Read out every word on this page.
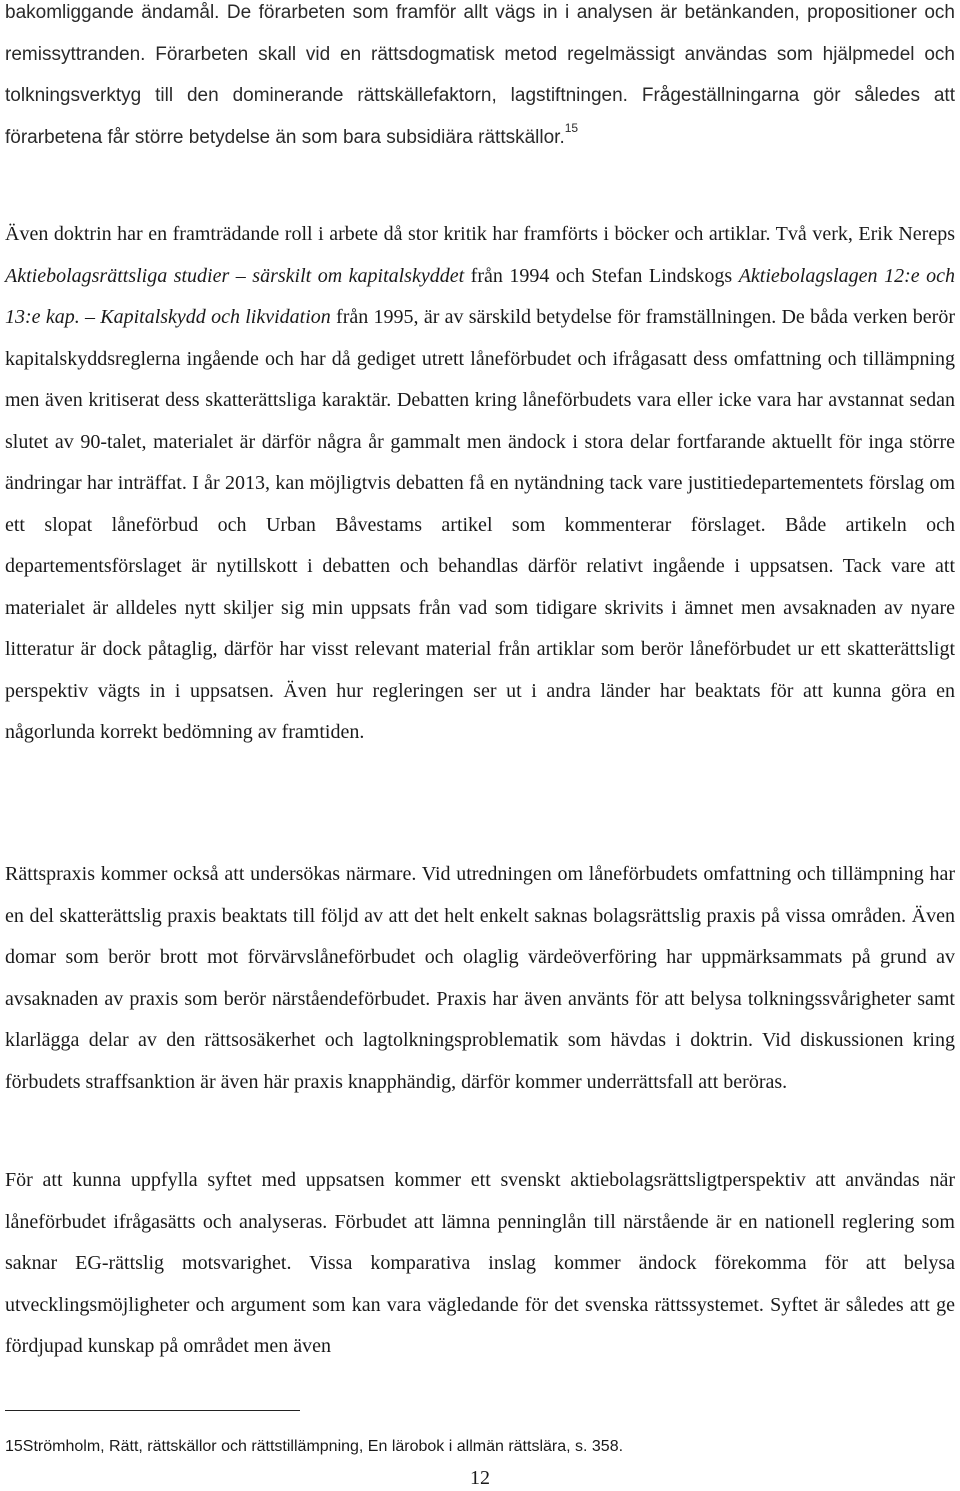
bakomliggande ändamål. De förarbeten som framför allt vägs in i analysen är betänkanden, propositioner och remissyttranden. Förarbeten skall vid en rättsdogmatisk metod regelmässigt användas som hjälpmedel och tolkningsverktyg till den dominerande rättskällefaktorn, lagstiftningen. Frågeställningarna gör således att förarbetena får större betydelse än som bara subsidiära rättskällor.$^{15}$

Även doktrin har en framträdande roll i arbete då stor kritik har framförts i böcker och artiklar. Två verk, Erik Nereps Aktiebolagsrättsliga studier – särskilt om kapitalskyddet från 1994 och Stefan Lindskogs Aktiebolagslagen 12:e och 13:e kap. – Kapitalskydd och likvidation från 1995, är av särskild betydelse för framställningen. De båda verken berör kapitalskyddsreglerna ingående och har då gediget utrett låneförbudet och ifrågasatt dess omfattning och tillämpning men även kritiserat dess skatterättsliga karaktär. Debatten kring låneförbudets vara eller icke vara har avstannat sedan slutet av 90-talet, materialet är därför några år gammalt men ändock i stora delar fortfarande aktuellt för inga större ändringar har inträffat. I år 2013, kan möjligtvis debatten få en nytändning tack vare justitiedepartementets förslag om ett slopat låneförbud och Urban Båvestams artikel som kommenterar förslaget. Både artikeln och departementsförslaget är nytillskott i debatten och behandlas därför relativt ingående i uppsatsen. Tack vare att materialet är alldeles nytt skiljer sig min uppsats från vad som tidigare skrivits i ämnet men avsaknaden av nyare litteratur är dock påtaglig, därför har visst relevant material från artiklar som berör låneförbudet ur ett skatterättsligt perspektiv vägts in i uppsatsen. Även hur regleringen ser ut i andra länder har beaktats för att kunna göra en någorlunda korrekt bedömning av framtiden.

Rättspraxis kommer också att undersökas närmare. Vid utredningen om låneförbudets omfattning och tillämpning har en del skatterättslig praxis beaktats till följd av att det helt enkelt saknas bolagsrättslig praxis på vissa områden. Även domar som berör brott mot förvärvslåneförbudet och olaglig värdeöverföring har uppmärksammats på grund av avsaknaden av praxis som berör närståendeförbudet. Praxis har även använts för att belysa tolkningssvårigheter samt klarlägga delar av den rättsosäkerhet och lagtolkningsproblematik som hävdas i doktrin. Vid diskussionen kring förbudets straffsanktion är även här praxis knapphändig, därför kommer underrättsfall att beröras.

För att kunna uppfylla syftet med uppsatsen kommer ett svenskt aktiebolagsrättsligtperspektiv att användas när låneförbudet ifrågasätts och analyseras. Förbudet att lämna penninglån till närstående är en nationell reglering som saknar EG-rättslig motsvarighet. Vissa komparativa inslag kommer ändock förekomma för att belysa utvecklingsmöjligheter och argument som kan vara vägledande för det svenska rättssystemet. Syftet är således att ge fördjupad kunskap på området men även

15Strömholm, Rätt, rättskällor och rättstillämpning, En lärobok i allmän rättslära, s. 358.

12
